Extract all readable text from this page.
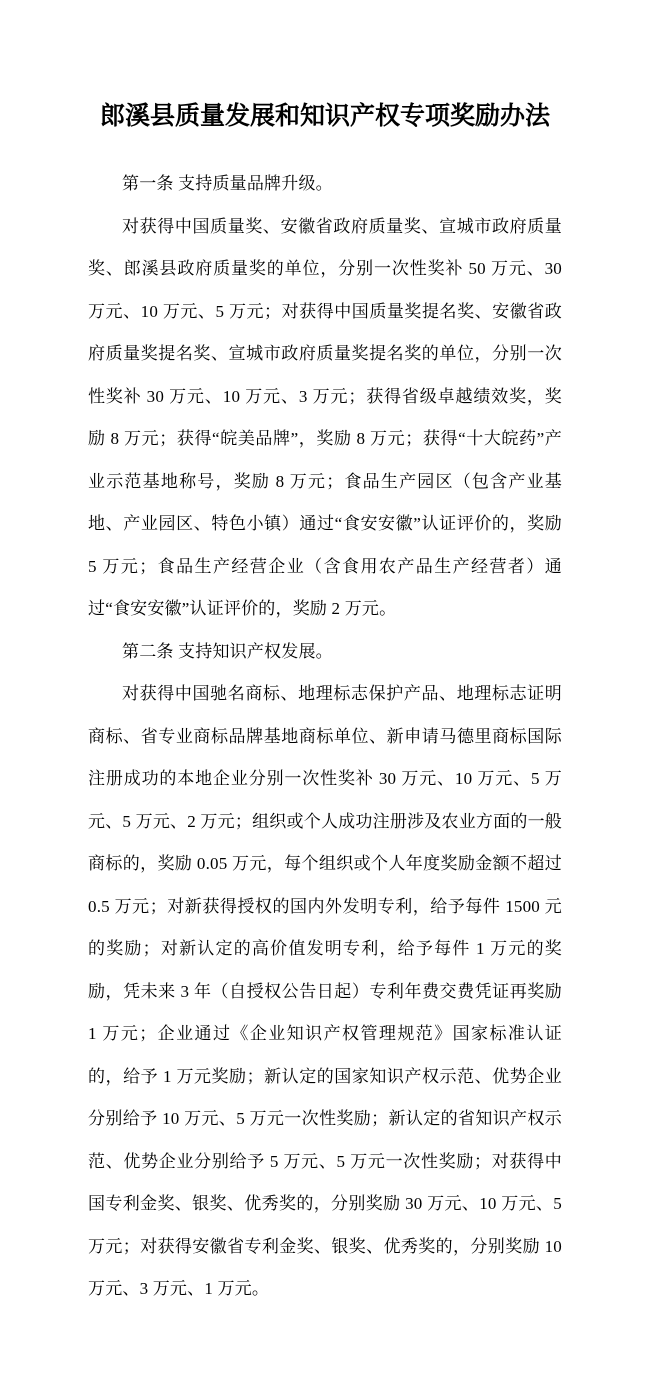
郎溪县质量发展和知识产权专项奖励办法

第一条 支持质量品牌升级。

对获得中国质量奖、安徽省政府质量奖、宣城市政府质量奖、郎溪县政府质量奖的单位，分别一次性奖补 50 万元、30 万元、10 万元、5 万元；对获得中国质量奖提名奖、安徽省政府质量奖提名奖、宣城市政府质量奖提名奖的单位，分别一次性奖补 30 万元、10 万元、3 万元；获得省级卓越绩效奖，奖励 8 万元；获得“皖美品牌”，奖励 8 万元；获得“十大皖药”产业示范基地称号，奖励 8 万元；食品生产园区（包含产业基地、产业园区、特色小镇）通过“食安安徽”认证评价的，奖励 5 万元；食品生产经营企业（含食用农产品生产经营者）通过“食安安徽”认证评价的，奖励 2 万元。

第二条 支持知识产权发展。

对获得中国驰名商标、地理标志保护产品、地理标志证明商标、省专业商标品牌基地商标单位、新申请马德里商标国际注册成功的本地企业分别一次性奖补 30 万元、10 万元、5 万元、5 万元、2 万元；组织或个人成功注册涉及农业方面的一般商标的，奖励 0.05 万元，每个组织或个人年度奖励金额不超过 0.5 万元；对新获得授权的国内外发明专利，给予每件 1500 元的奖励；对新认定的高价值发明专利，给予每件 1 万元的奖励，凭未来 3 年（自授权公告日起）专利年费交费凭证再奖励 1 万元；企业通过《企业知识产权管理规范》国家标准认证的，给予 1 万元奖励；新认定的国家知识产权示范、优势企业分别给予 10 万元、5 万元一次性奖励；新认定的省知识产权示范、优势企业分别给予 5 万元、5 万元一次性奖励；对获得中国专利金奖、银奖、优秀奖的，分别奖励 30 万元、10 万元、5 万元；对获得安徽省专利金奖、银奖、优秀奖的，分别奖励 10 万元、3 万元、1 万元。
